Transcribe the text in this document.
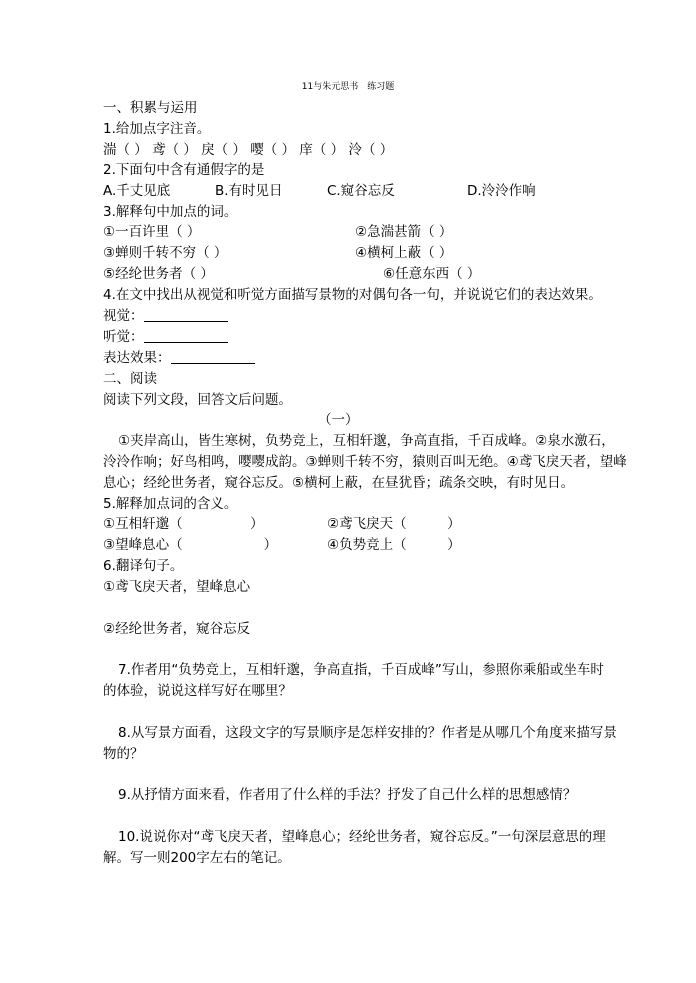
11与朱元思书　练习题
一、积累与运用
1.给加点字注音。
湍（ ） 鸢（ ） 戾（ ） 嘤（ ） 庠（ ） 泠（ ）
2.下面句中含有通假字的是
A.千丈见底	B.有时见日	C.窥谷忘反	D.泠泠作响
3.解释句中加点的词。
①一百许里（ ）	②急湍甚箭（ ）
③蝉则千转不穷（ ）	④横柯上蔽（ ）
⑤经纶世务者（ ）	⑥任意东西（ ）
4.在文中找出从视觉和听觉方面描写景物的对偶句各一句，并说说它们的表达效果。
视觉：
听觉：
表达效果：
二、阅读
阅读下列文段，回答文后问题。
（一）
①夹岸高山，皆生寒树，负势竞上，互相轩邈，争高直指，千百成峰。②泉水激石，
泠泠作响；好鸟相鸣，嘤嘤成韵。③蝉则千转不穷，猿则百叫无绝。④鸢飞戾天者，望峰
息心；经纶世务者，窥谷忘反。⑤横柯上蔽，在昼犹昏；疏条交映，有时见日。
5.解释加点词的含义。
①互相轩邈（　　　　　）	②鸢飞戾天（　　　）
③望峰息心（　　　　　　）	④负势竞上（　　　）
6.翻译句子。
①鸢飞戾天者，望峰息心
②经纶世务者，窥谷忘反
7.作者用“负势竞上，互相轩邈，争高直指，千百成峰”写山，参照你乘船或坐车时
的体验，说说这样写好在哪里？
8.从写景方面看，这段文字的写景顺序是怎样安排的？作者是从哪几个角度来描写景
物的？
9.从抒情方面来看，作者用了什么样的手法？抒发了自己什么样的思想感情？
10.说说你对“鸢飞戾天者，望峰息心；经纶世务者，窥谷忘反。”一句深层意思的理
解。写一则200字左右的笔记。
